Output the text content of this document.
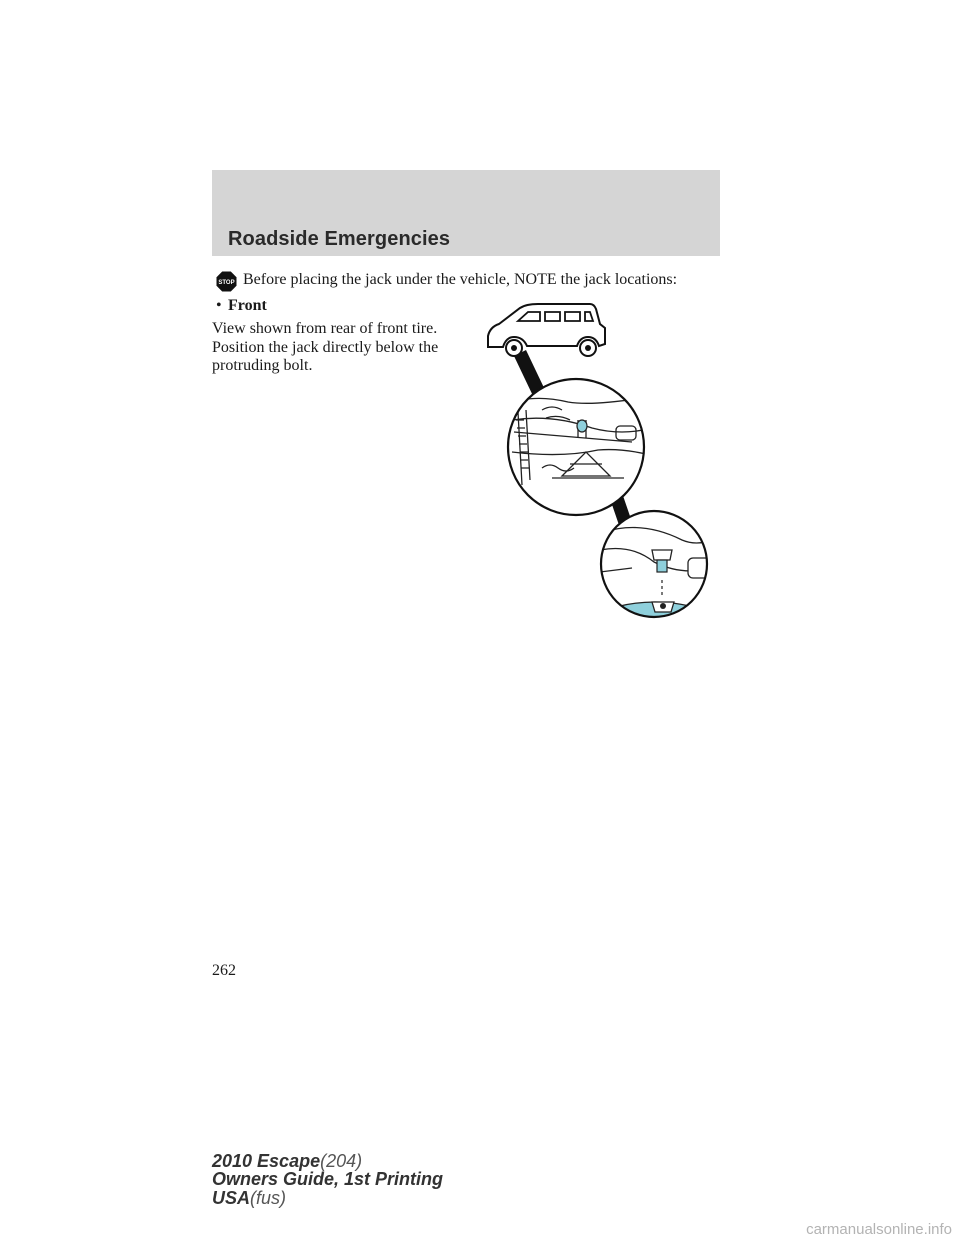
Roadside Emergencies
STOP Before placing the jack under the vehicle, NOTE the jack locations:
• Front
View shown from rear of front tire.
Position the jack directly below the
protruding bolt.
262
2010 Escape(204)
Owners Guide, 1st Printing
USA(fus)
carmanualsonline.info
